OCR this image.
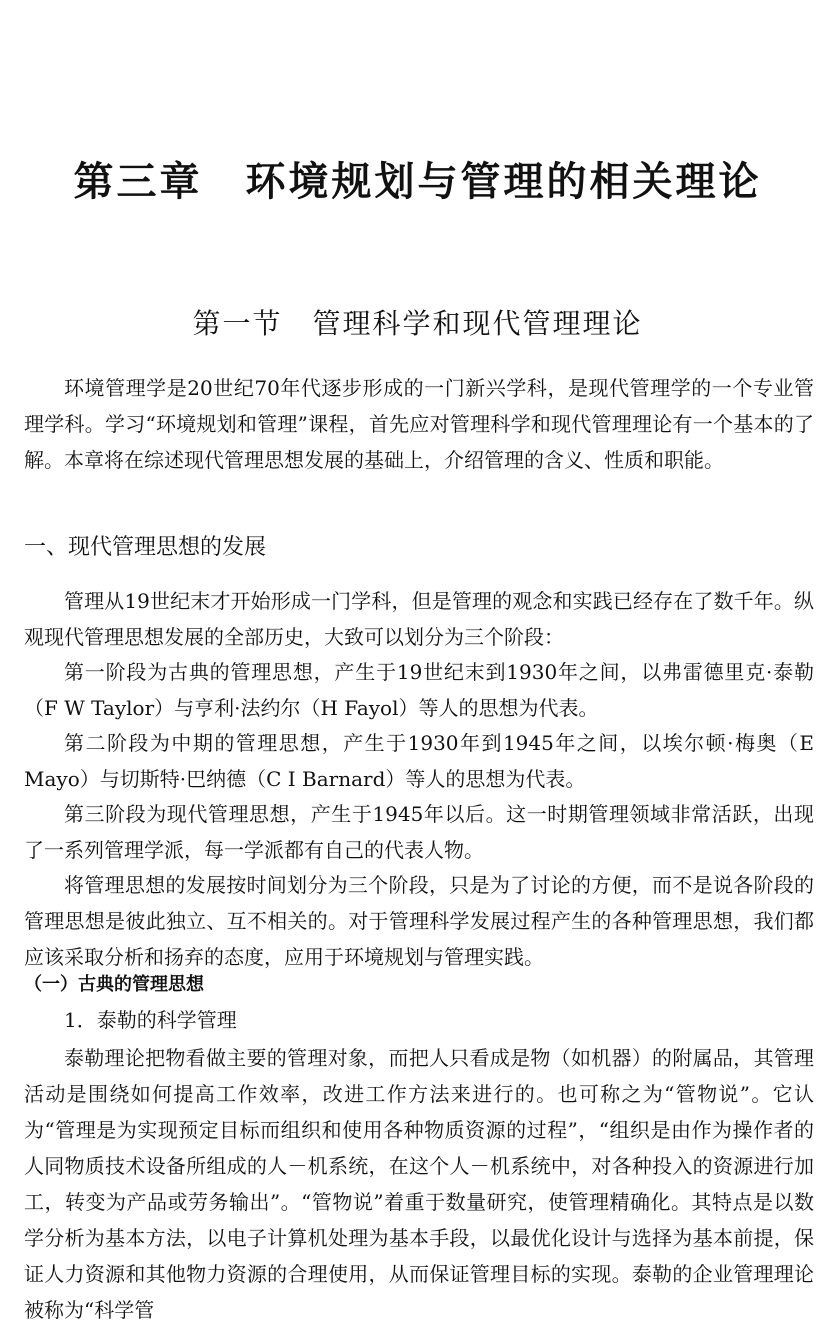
第三章　环境规划与管理的相关理论
第一节　管理科学和现代管理理论

环境管理学是20世纪70年代逐步形成的一门新兴学科，是现代管理学的一个专业管理学科。学习“环境规划和管理”课程，首先应对管理科学和现代管理理论有一个基本的了解。本章将在综述现代管理思想发展的基础上，介绍管理的含义、性质和职能。

一、现代管理思想的发展

管理从19世纪末才开始形成一门学科，但是管理的观念和实践已经存在了数千年。纵观现代管理思想发展的全部历史，大致可以划分为三个阶段：

第一阶段为古典的管理思想，产生于19世纪末到1930年之间，以弗雷德里克·泰勒（F W Taylor）与亨利·法约尔（H Fayol）等人的思想为代表。

第二阶段为中期的管理思想，产生于1930年到1945年之间，以埃尔顿·梅奥（E Mayo）与切斯特·巴纳德（C I Barnard）等人的思想为代表。

第三阶段为现代管理思想，产生于1945年以后。这一时期管理领域非常活跃，出现了一系列管理学派，每一学派都有自己的代表人物。

将管理思想的发展按时间划分为三个阶段，只是为了讨论的方便，而不是说各阶段的管理思想是彼此独立、互不相关的。对于管理科学发展过程产生的各种管理思想，我们都应该采取分析和扬弃的态度，应用于环境规划与管理实践。

（一）古典的管理思想
1．泰勒的科学管理

泰勒理论把物看做主要的管理对象，而把人只看成是物（如机器）的附属品，其管理活动是围绕如何提高工作效率，改进工作方法来进行的。也可称之为“管物说”。它认为“管理是为实现预定目标而组织和使用各种物质资源的过程”，“组织是由作为操作者的人同物质技术设备所组成的人－机系统，在这个人－机系统中，对各种投入的资源进行加工，转变为产品或劳务输出”。“管物说”着重于数量研究，使管理精确化。其特点是以数学分析为基本方法，以电子计算机处理为基本手段，以最优化设计与选择为基本前提，保证人力资源和其他物力资源的合理使用，从而保证管理目标的实现。泰勒的企业管理理论被称为“科学管
